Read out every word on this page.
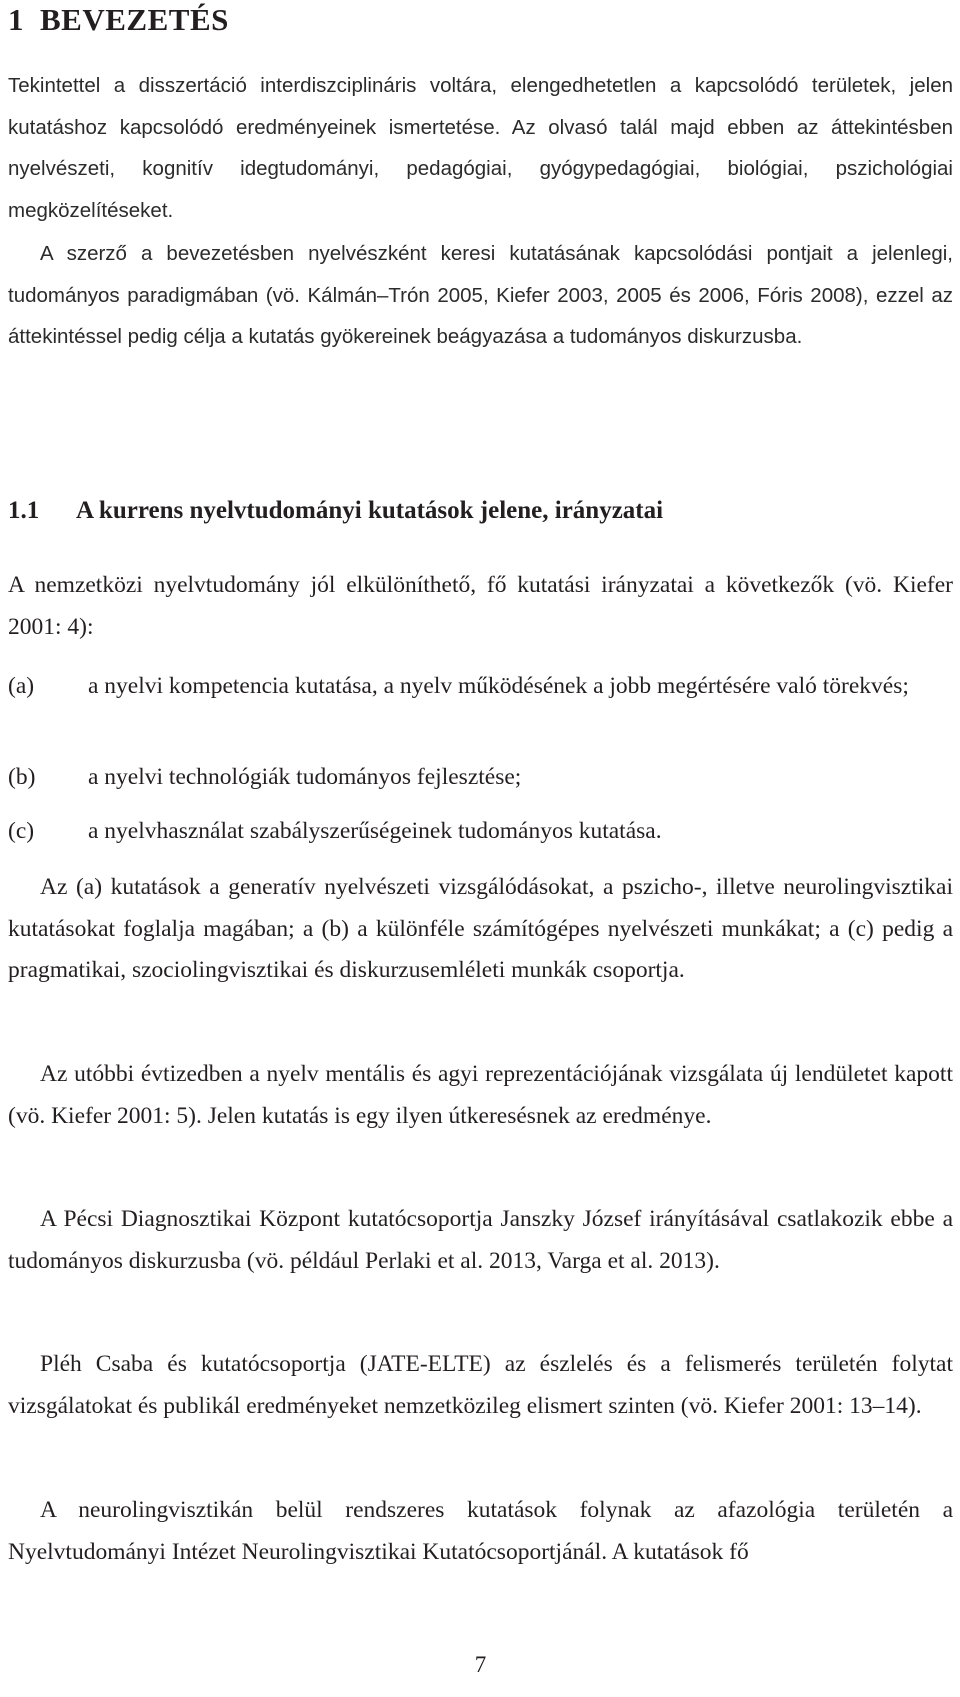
1 BEVEZETÉS

Tekintettel a disszertáció interdiszciplináris voltára, elengedhetetlen a kapcsolódó területek, jelen kutatáshoz kapcsolódó eredményeinek ismertetése. Az olvasó talál majd ebben az áttekintésben nyelvészeti, kognitív idegtudományi, pedagógiai, gyógypedagógiai, biológiai, pszichológiai megközelítéseket.

A szerző a bevezetésben nyelvészként keresi kutatásának kapcsolódási pontjait a jelenlegi, tudományos paradigmában (vö. Kálmán–Trón 2005, Kiefer 2003, 2005 és 2006, Fóris 2008), ezzel az áttekintéssel pedig célja a kutatás gyökereinek beágyazása a tudományos diskurzusba.

1.1 A kurrens nyelvtudományi kutatások jelene, irányzatai

A nemzetközi nyelvtudomány jól elkülöníthető, fő kutatási irányzatai a következők (vö. Kiefer 2001: 4):

(a) a nyelvi kompetencia kutatása, a nyelv működésének a jobb megértésére való törekvés;
(b) a nyelvi technológiák tudományos fejlesztése;
(c) a nyelvhasználat szabályszerűségeinek tudományos kutatása.

Az (a) kutatások a generatív nyelvészeti vizsgálódásokat, a pszicho-, illetve neurolingvisztikai kutatásokat foglalja magában; a (b) a különféle számítógépes nyelvészeti munkákat; a (c) pedig a pragmatikai, szociolingvisztikai és diskurzusemléleti munkák csoportja.

Az utóbbi évtizedben a nyelv mentális és agyi reprezentációjának vizsgálata új lendületet kapott (vö. Kiefer 2001: 5). Jelen kutatás is egy ilyen útkeresésnek az eredménye.

A Pécsi Diagnosztikai Központ kutatócsoportja Janszky József irányításával csatlakozik ebbe a tudományos diskurzusba (vö. például Perlaki et al. 2013, Varga et al. 2013).

Pléh Csaba és kutatócsoportja (JATE-ELTE) az észlelés és a felismerés területén folytat vizsgálatokat és publikál eredményeket nemzetközileg elismert szinten (vö. Kiefer 2001: 13–14).

A neurolingvisztikán belül rendszeres kutatások folynak az afazológia területén a Nyelvtudományi Intézet Neurolingvisztikai Kutatócsoportjánál. A kutatások fő

7
